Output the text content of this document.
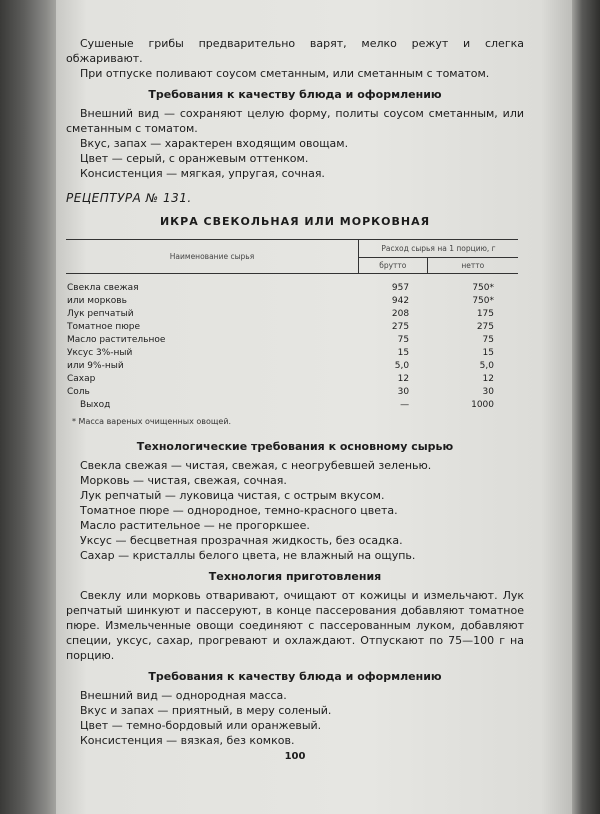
Сушеные грибы предварительно варят, мелко режут и слегка обжаривают.

При отпуске поливают соусом сметанным, или сметанным с томатом.

Требования к качеству блюда и оформлению

Внешний вид — сохраняют целую форму, политы соусом сметанным, или сметанным с томатом.

Вкус, запах — характерен входящим овощам.

Цвет — серый, с оранжевым оттенком.

Консистенция — мягкая, упругая, сочная.

РЕЦЕПТУРА № 131.
ИКРА СВЕКОЛЬНАЯ ИЛИ МОРКОВНАЯ
Наименование сырья	Расход сырья на 1 порцию, г	
	брутто	нетто

Свекла свежая	957	750*
или морковь	942	750*
Лук репчатый	208	175
Томатное пюре	275	275
Масло растительное	75	75
Уксус 3%-ный	15	15
или 9%-ный	5,0	5,0
Сахар	12	12
Соль	30	30
Выход	—	1000
* Масса вареных очищенных овощей.
Технологические требования к основному сырью

Свекла свежая — чистая, свежая, с неогрубевшей зеленью.

Морковь — чистая, свежая, сочная.

Лук репчатый — луковица чистая, с острым вкусом.

Томатное пюре — однородное, темно-красного цвета.

Масло растительное — не прогоркшее.

Уксус — бесцветная прозрачная жидкость, без осадка.

Сахар — кристаллы белого цвета, не влажный на ощупь.

Технология приготовления

Свеклу или морковь отваривают, очищают от кожицы и измельчают. Лук репчатый шинкуют и пассеруют, в конце пассерования добавляют томатное пюре. Измельченные овощи соединяют с пассерованным луком, добавляют специи, уксус, сахар, прогревают и охлаждают. Отпускают по 75—100 г на порцию.

Требования к качеству блюда и оформлению

Внешний вид — однородная масса.

Вкус и запах — приятный, в меру соленый.

Цвет — темно-бордовый или оранжевый.

Консистенция — вязкая, без комков.

100
